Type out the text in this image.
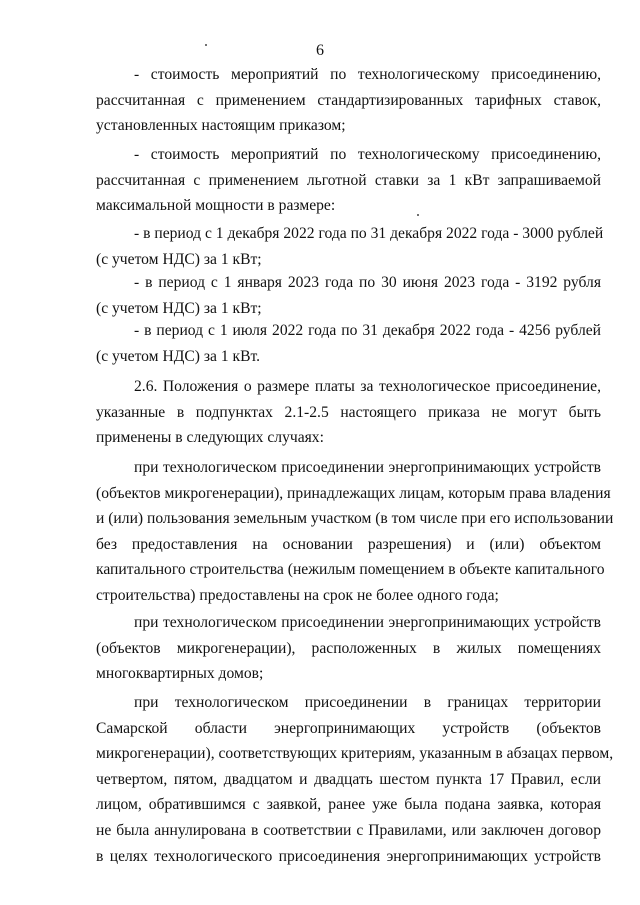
6

- стоимость мероприятий по технологическому присоединению,
рассчитанная с применением стандартизированных тарифных ставок,
установленных настоящим приказом;

- стоимость мероприятий по технологическому присоединению,
рассчитанная с применением льготной ставки за 1 кВт запрашиваемой
максимальной мощности в размере:

- в период с 1 декабря 2022 года по 31 декабря 2022 года - 3000 рублей
(с учетом НДС) за 1 кВт;

- в период с 1 января 2023 года по 30 июня 2023 года - 3192 рубля
(с учетом НДС) за 1 кВт;

- в период с 1 июля 2022 года по 31 декабря 2022 года - 4256 рублей
(с учетом НДС) за 1 кВт.

2.6. Положения о размере платы за технологическое присоединение,
указанные в подпунктах 2.1-2.5 настоящего приказа не могут быть
применены в следующих случаях:

при технологическом присоединении энергопринимающих устройств
(объектов микрогенерации), принадлежащих лицам, которым права владения
и (или) пользования земельным участком (в том числе при его использовании
без предоставления на основании разрешения) и (или) объектом
капитального строительства (нежилым помещением в объекте капитального
строительства) предоставлены на срок не более одного года;

при технологическом присоединении энергопринимающих устройств
(объектов микрогенерации), расположенных в жилых помещениях
многоквартирных домов;

при технологическом присоединении в границах территории
Самарской области энергопринимающих устройств (объектов
микрогенерации), соответствующих критериям, указанным в абзацах первом,
четвертом, пятом, двадцатом и двадцать шестом пункта 17 Правил, если
лицом, обратившимся с заявкой, ранее уже была подана заявка, которая
не была аннулирована в соответствии с Правилами, или заключен договор
в целях технологического присоединения энергопринимающих устройств
